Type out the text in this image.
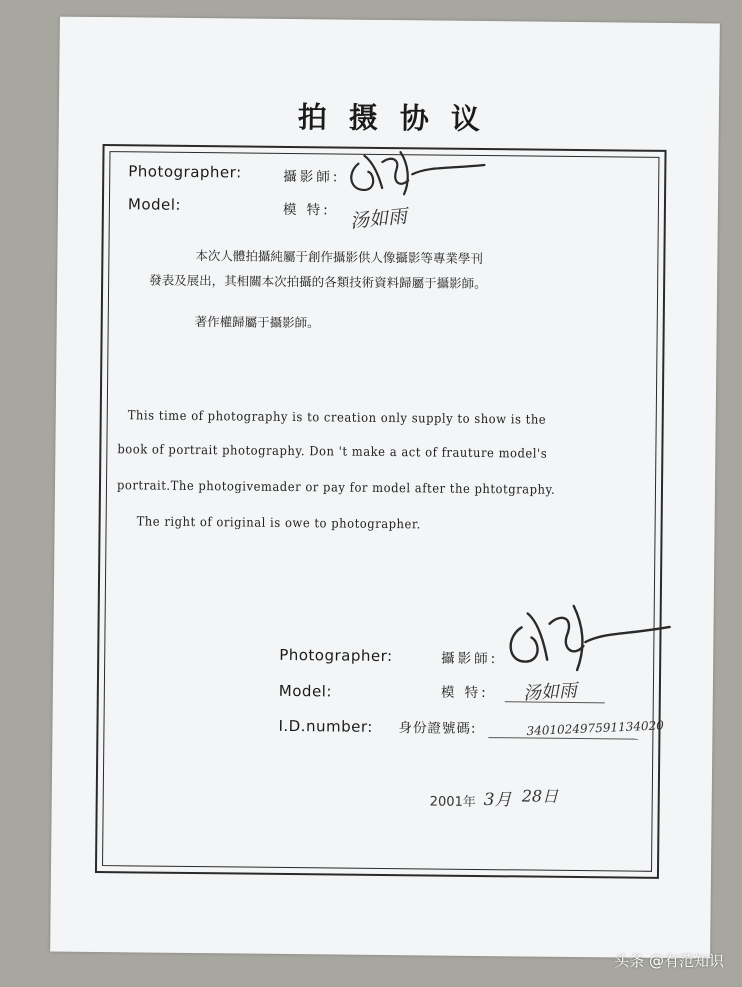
拍摄协议
Photographer:	攝影師:
Model:	模 特: 汤如雨
本次人體拍攝純屬于創作攝影供人像攝影等專業學刊
發表及展出，其相關本次拍攝的各類技術資料歸屬于攝影師。
著作權歸屬于攝影師。
This time of photography is to creation only supply to show is the
book of portrait photography. Don 't make a act of frauture model's
portrait.The photogivemader or pay for model after the phtotgraphy.
The right of original is owe to photographer.
Photographer:	攝影師:
Model:	模 特: 汤如雨
I.D.number: 身份證號碼:	340102497591134020
2001年 3月 28日
头条 @有范知识
